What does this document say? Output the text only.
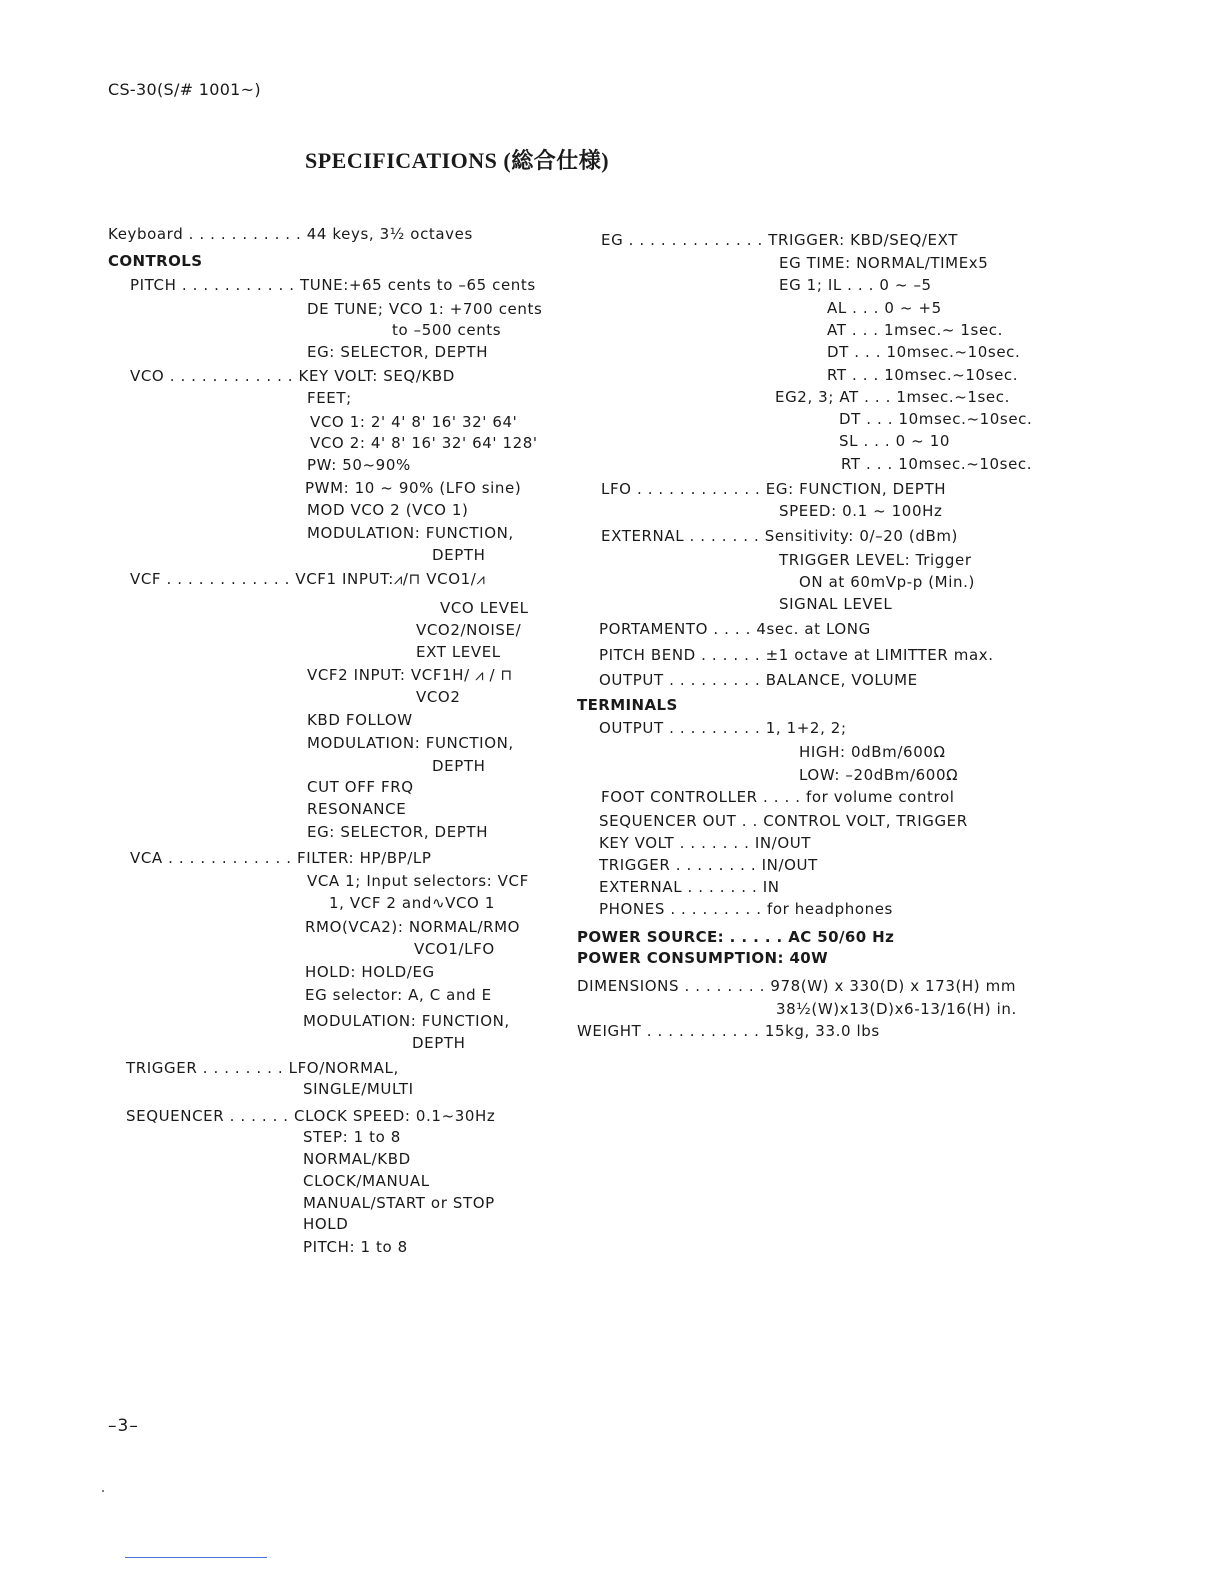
CS-30(S/# 1001~)
SPECIFICATIONS (総合仕様)
Keyboard . . . . . . . . . . . 44 keys, 3½ octaves
CONTROLS
PITCH . . . . . . . . . . . TUNE:+65 cents to –65 cents
DE TUNE; VCO 1: +700 cents
to –500 cents
EG: SELECTOR, DEPTH
VCO . . . . . . . . . . . . KEY VOLT: SEQ/KBD
FEET;
VCO 1: 2' 4' 8' 16' 32' 64'
VCO 2: 4' 8' 16' 32' 64' 128'
PW: 50~90%
PWM: 10 ~ 90% (LFO sine)
MOD VCO 2 (VCO 1)
MODULATION: FUNCTION,
DEPTH
VCF . . . . . . . . . . . . VCF1 INPUT:⩘/⊓ VCO1/⩘
VCO LEVEL
VCO2/NOISE/
EXT LEVEL
VCF2 INPUT: VCF1H/ ⩘ / ⊓
VCO2
KBD FOLLOW
MODULATION: FUNCTION,
DEPTH
CUT OFF FRQ
RESONANCE
EG: SELECTOR, DEPTH
VCA . . . . . . . . . . . . FILTER: HP/BP/LP
VCA 1; Input selectors: VCF
1, VCF 2 and∿VCO 1
RMO(VCA2): NORMAL/RMO
VCO1/LFO
HOLD: HOLD/EG
EG selector: A, C and E
MODULATION: FUNCTION,
DEPTH
TRIGGER . . . . . . . . LFO/NORMAL,
SINGLE/MULTI
SEQUENCER . . . . . . CLOCK SPEED: 0.1~30Hz
STEP: 1 to 8
NORMAL/KBD
CLOCK/MANUAL
MANUAL/START or STOP
HOLD
PITCH: 1 to 8
EG . . . . . . . . . . . . . TRIGGER: KBD/SEQ/EXT
EG TIME: NORMAL/TIMEx5
EG 1; IL . . . 0 ~ –5
AL . . . 0 ~ +5
AT . . . 1msec.~ 1sec.
DT . . . 10msec.~10sec.
RT . . . 10msec.~10sec.
EG2, 3; AT . . . 1msec.~1sec.
DT . . . 10msec.~10sec.
SL . . . 0 ~ 10
RT . . . 10msec.~10sec.
LFO . . . . . . . . . . . . EG: FUNCTION, DEPTH
SPEED: 0.1 ~ 100Hz
EXTERNAL . . . . . . . Sensitivity: 0/–20 (dBm)
TRIGGER LEVEL: Trigger
ON at 60mVp-p (Min.)
SIGNAL LEVEL
PORTAMENTO . . . . 4sec. at LONG
PITCH BEND . . . . . . ±1 octave at LIMITTER max.
OUTPUT . . . . . . . . . BALANCE, VOLUME
TERMINALS
OUTPUT . . . . . . . . . 1, 1+2, 2;
HIGH: 0dBm/600Ω
LOW: –20dBm/600Ω
FOOT CONTROLLER . . . . for volume control
SEQUENCER OUT . . CONTROL VOLT, TRIGGER
KEY VOLT . . . . . . . IN/OUT
TRIGGER . . . . . . . . IN/OUT
EXTERNAL . . . . . . . IN
PHONES . . . . . . . . . for headphones
POWER SOURCE: . . . . . AC 50/60 Hz
POWER CONSUMPTION: 40W
DIMENSIONS . . . . . . . . 978(W) x 330(D) x 173(H) mm
38½(W)x13(D)x6-13/16(H) in.
WEIGHT . . . . . . . . . . . 15kg, 33.0 lbs
–3–
